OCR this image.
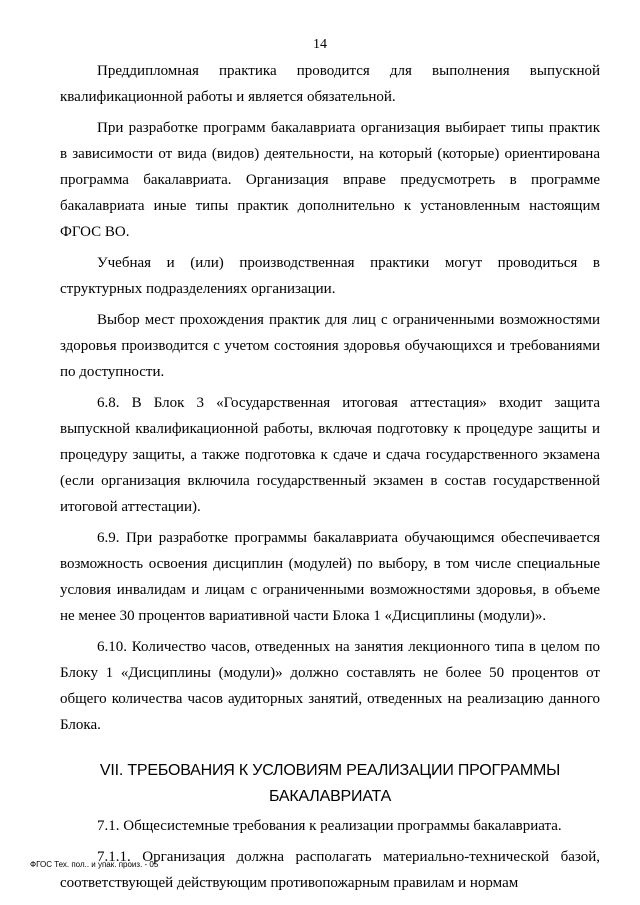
14

Преддипломная практика проводится для выполнения выпускной квалификационной работы и является обязательной.

При разработке программ бакалавриата организация выбирает типы практик в зависимости от вида (видов) деятельности, на который (которые) ориентирована программа бакалавриата. Организация вправе предусмотреть в программе бакалавриата иные типы практик дополнительно к установленным настоящим ФГОС ВО.

Учебная и (или) производственная практики могут проводиться в структурных подразделениях организации.

Выбор мест прохождения практик для лиц с ограниченными возможностями здоровья производится с учетом состояния здоровья обучающихся и требованиями по доступности.

6.8. В Блок 3 «Государственная итоговая аттестация» входит защита выпускной квалификационной работы, включая подготовку к процедуре защиты и процедуру защиты, а также подготовка к сдаче и сдача государственного экзамена (если организация включила государственный экзамен в состав государственной итоговой аттестации).

6.9. При разработке программы бакалавриата обучающимся обеспечивается возможность освоения дисциплин (модулей) по выбору, в том числе специальные условия инвалидам и лицам с ограниченными возможностями здоровья, в объеме не менее 30 процентов вариативной части Блока 1 «Дисциплины (модули)».

6.10. Количество часов, отведенных на занятия лекционного типа в целом по Блоку 1 «Дисциплины (модули)» должно составлять не более 50 процентов от общего количества часов аудиторных занятий, отведенных на реализацию данного Блока.

VII. ТРЕБОВАНИЯ К УСЛОВИЯМ РЕАЛИЗАЦИИ ПРОГРАММЫ
БАКАЛАВРИАТА

7.1. Общесистемные требования к реализации программы бакалавриата.

7.1.1. Организация должна располагать материально-технической базой, соответствующей действующим противопожарным правилам и нормам

ФГОС Тех. пол.. и упак. произ. - 05
